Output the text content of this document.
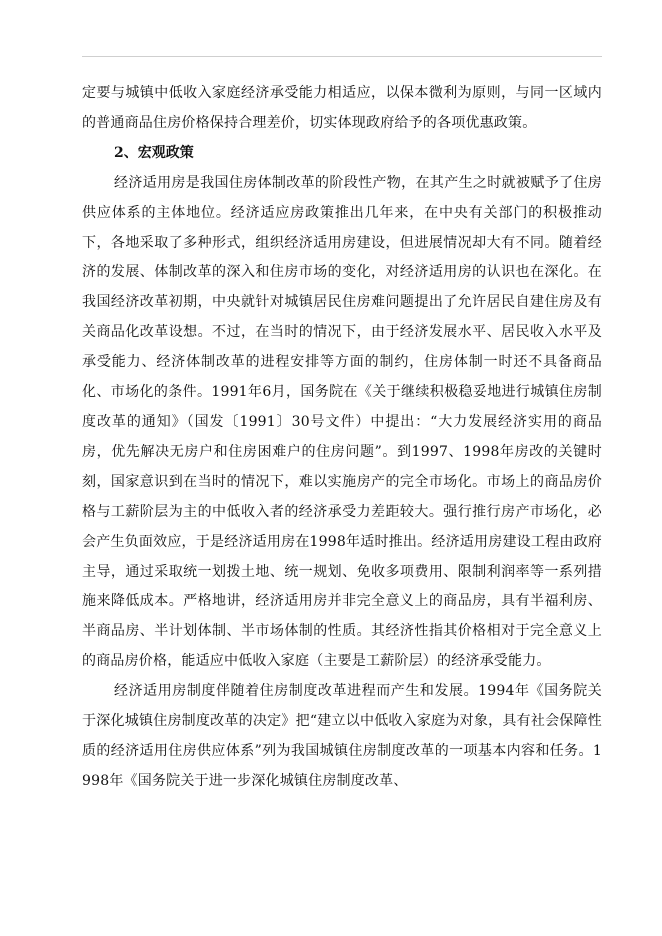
定要与城镇中低收入家庭经济承受能力相适应，以保本微利为原则，与同一区域内的普通商品住房价格保持合理差价，切实体现政府给予的各项优惠政策。

2、宏观政策

经济适用房是我国住房体制改革的阶段性产物，在其产生之时就被赋予了住房供应体系的主体地位。经济适应房政策推出几年来，在中央有关部门的积极推动下，各地采取了多种形式，组织经济适用房建设，但进展情况却大有不同。随着经济的发展、体制改革的深入和住房市场的变化，对经济适用房的认识也在深化。在我国经济改革初期，中央就针对城镇居民住房难问题提出了允许居民自建住房及有关商品化改革设想。不过，在当时的情况下，由于经济发展水平、居民收入水平及承受能力、经济体制改革的进程安排等方面的制约，住房体制一时还不具备商品化、市场化的条件。1991年6月，国务院在《关于继续积极稳妥地进行城镇住房制度改革的通知》（国发〔1991〕30号文件）中提出：“大力发展经济实用的商品房，优先解决无房户和住房困难户的住房问题”。到1997、1998年房改的关键时刻，国家意识到在当时的情况下，难以实施房产的完全市场化。市场上的商品房价格与工薪阶层为主的中低收入者的经济承受力差距较大。强行推行房产市场化，必会产生负面效应，于是经济适用房在1998年适时推出。经济适用房建设工程由政府主导，通过采取统一划拨土地、统一规划、免收多项费用、限制利润率等一系列措施来降低成本。严格地讲，经济适用房并非完全意义上的商品房，具有半福利房、半商品房、半计划体制、半市场体制的性质。其经济性指其价格相对于完全意义上的商品房价格，能适应中低收入家庭（主要是工薪阶层）的经济承受能力。

经济适用房制度伴随着住房制度改革进程而产生和发展。1994年《国务院关于深化城镇住房制度改革的决定》把“建立以中低收入家庭为对象，具有社会保障性质的经济适用住房供应体系”列为我国城镇住房制度改革的一项基本内容和任务。1998年《国务院关于进一步深化城镇住房制度改革、
